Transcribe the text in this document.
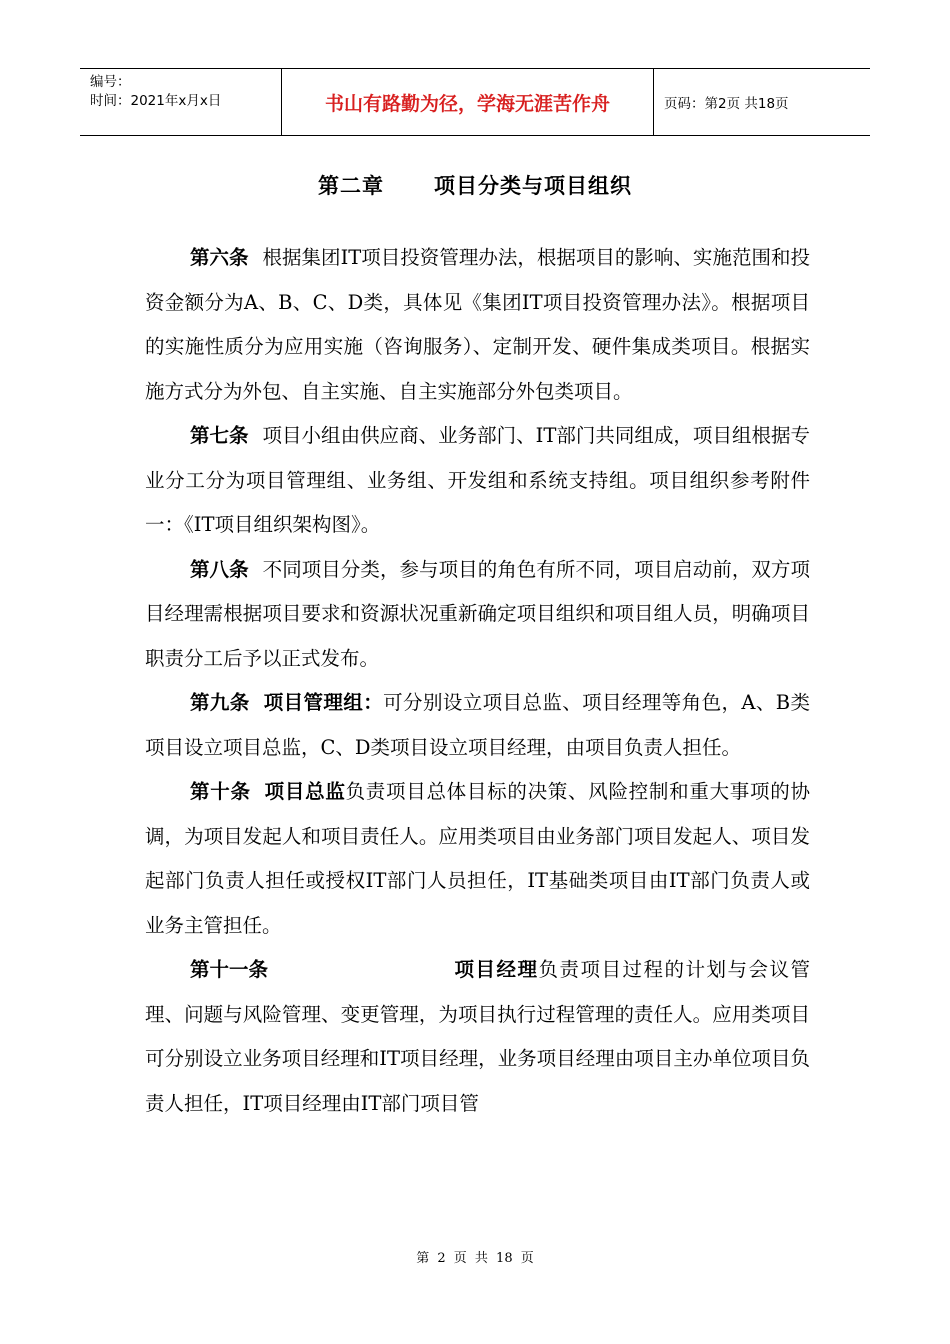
编号：
时间：2021年x月x日	书山有路勤为径，学海无涯苦作舟	页码：第2页 共18页
第二章 项目分类与项目组织

第六条 根据集团IT项目投资管理办法，根据项目的影响、实施范围和投资金额分为A、B、C、D类，具体见《集团IT项目投资管理办法》。根据项目的实施性质分为应用实施（咨询服务）、定制开发、硬件集成类项目。根据实施方式分为外包、自主实施、自主实施部分外包类项目。

第七条 项目小组由供应商、业务部门、IT部门共同组成，项目组根据专业分工分为项目管理组、业务组、开发组和系统支持组。项目组织参考附件一：《IT项目组织架构图》。

第八条 不同项目分类，参与项目的角色有所不同，项目启动前，双方项目经理需根据项目要求和资源状况重新确定项目组织和项目组人员，明确项目职责分工后予以正式发布。

第九条 项目管理组：可分别设立项目总监、项目经理等角色，A、B类项目设立项目总监，C、D类项目设立项目经理，由项目负责人担任。

第十条 项目总监负责项目总体目标的决策、风险控制和重大事项的协调，为项目发起人和项目责任人。应用类项目由业务部门项目发起人、项目发起部门负责人担任或授权IT部门人员担任，IT基础类项目由IT部门负责人或业务主管担任。

第十一条	项目经理负责项目过程的计划与会议管理、问题与风险管理、变更管理，为项目执行过程管理的责任人。应用类项目可分别设立业务项目经理和IT项目经理，业务项目经理由项目主办单位项目负责人担任，IT项目经理由IT部门项目管

第 2 页 共 18 页
